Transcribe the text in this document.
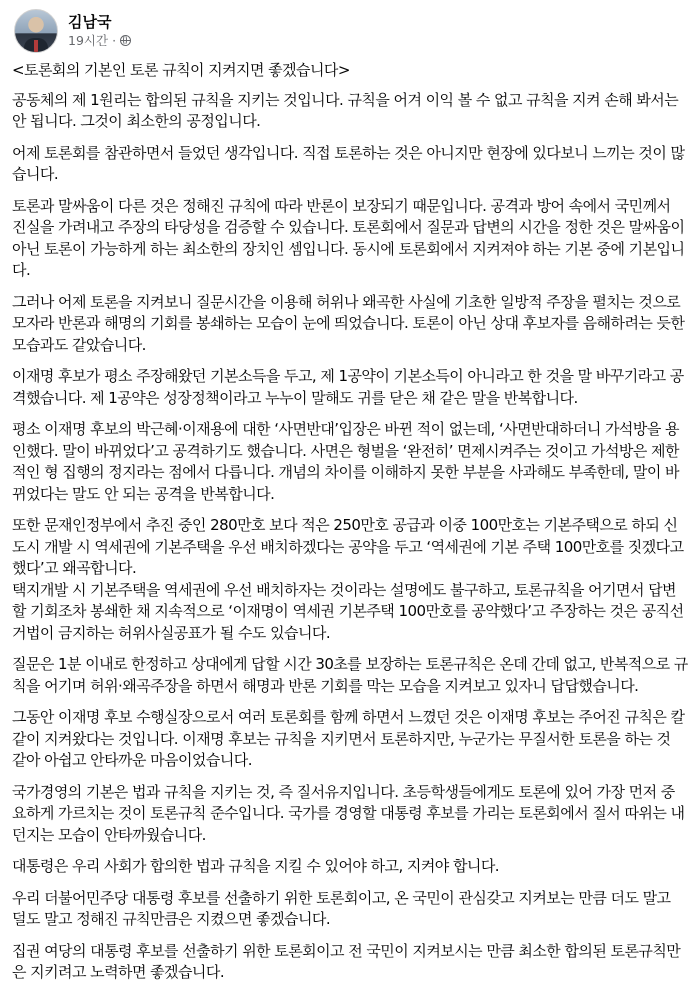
김남국
19시간 ·

<토론회의 기본인 토론 규칙이 지켜지면 좋겠습니다>

공동체의 제 1원리는 합의된 규칙을 지키는 것입니다. 규칙을 어겨 이익 볼 수 없고 규칙을 지켜 손해 봐서는 안 됩니다. 그것이 최소한의 공정입니다.

어제 토론회를 참관하면서 들었던 생각입니다. 직접 토론하는 것은 아니지만 현장에 있다보니 느끼는 것이 많습니다.

토론과 말싸움이 다른 것은 정해진 규칙에 따라 반론이 보장되기 때문입니다. 공격과 방어 속에서 국민께서 진실을 가려내고 주장의 타당성을 검증할 수 있습니다. 토론회에서 질문과 답변의 시간을 정한 것은 말싸움이 아닌 토론이 가능하게 하는 최소한의 장치인 셈입니다. 동시에 토론회에서 지켜져야 하는 기본 중에 기본입니다.

그러나 어제 토론을 지켜보니 질문시간을 이용해 허위나 왜곡한 사실에 기초한 일방적 주장을 펼치는 것으로 모자라 반론과 해명의 기회를 봉쇄하는 모습이 눈에 띄었습니다. 토론이 아닌 상대 후보자를 음해하려는 듯한 모습과도 같았습니다.

이재명 후보가 평소 주장해왔던 기본소득을 두고, 제 1공약이 기본소득이 아니라고 한 것을 말 바꾸기라고 공격했습니다. 제 1공약은 성장정책이라고 누누이 말해도 귀를 닫은 채 같은 말을 반복합니다.

평소 이재명 후보의 박근혜·이재용에 대한 ‘사면반대’입장은 바뀐 적이 없는데, ‘사면반대하더니 가석방을 용인했다. 말이 바뀌었다’고 공격하기도 했습니다. 사면은 형벌을 ‘완전히’ 면제시켜주는 것이고 가석방은 제한적인 형 집행의 정지라는 점에서 다릅니다. 개념의 차이를 이해하지 못한 부분을 사과해도 부족한데, 말이 바뀌었다는 말도 안 되는 공격을 반복합니다.

또한 문재인정부에서 추진 중인 280만호 보다 적은 250만호 공급과 이중 100만호는 기본주택으로 하되 신도시 개발 시 역세권에 기본주택을 우선 배치하겠다는 공약을 두고 ‘역세권에 기본 주택 100만호를 짓겠다고 했다’고 왜곡합니다.

택지개발 시 기본주택을 역세권에 우선 배치하자는 것이라는 설명에도 불구하고, 토론규칙을 어기면서 답변할 기회조차 봉쇄한 채 지속적으로 ‘이재명이 역세권 기본주택 100만호를 공약했다’고 주장하는 것은 공직선거법이 금지하는 허위사실공표가 될 수도 있습니다.

질문은 1분 이내로 한정하고 상대에게 답할 시간 30초를 보장하는 토론규칙은 온데 간데 없고, 반복적으로 규칙을 어기며 허위·왜곡주장을 하면서 해명과 반론 기회를 막는 모습을 지켜보고 있자니 답답했습니다.

그동안 이재명 후보 수행실장으로서 여러 토론회를 함께 하면서 느꼈던 것은 이재명 후보는 주어진 규칙은 칼같이 지켜왔다는 것입니다. 이재명 후보는 규칙을 지키면서 토론하지만, 누군가는 무질서한 토론을 하는 것 같아 아쉽고 안타까운 마음이었습니다.

국가경영의 기본은 법과 규칙을 지키는 것, 즉 질서유지입니다. 초등학생들에게도 토론에 있어 가장 먼저 중요하게 가르치는 것이 토론규칙 준수입니다. 국가를 경영할 대통령 후보를 가리는 토론회에서 질서 따위는 내던지는 모습이 안타까웠습니다.

대통령은 우리 사회가 합의한 법과 규칙을 지킬 수 있어야 하고, 지켜야 합니다.

우리 더불어민주당 대통령 후보를 선출하기 위한 토론회이고, 온 국민이 관심갖고 지켜보는 만큼 더도 말고 덜도 말고 정해진 규칙만큼은 지켰으면 좋겠습니다.

집권 여당의 대통령 후보를 선출하기 위한 토론회이고 전 국민이 지켜보시는 만큼 최소한 합의된 토론규칙만은 지키려고 노력하면 좋겠습니다.
